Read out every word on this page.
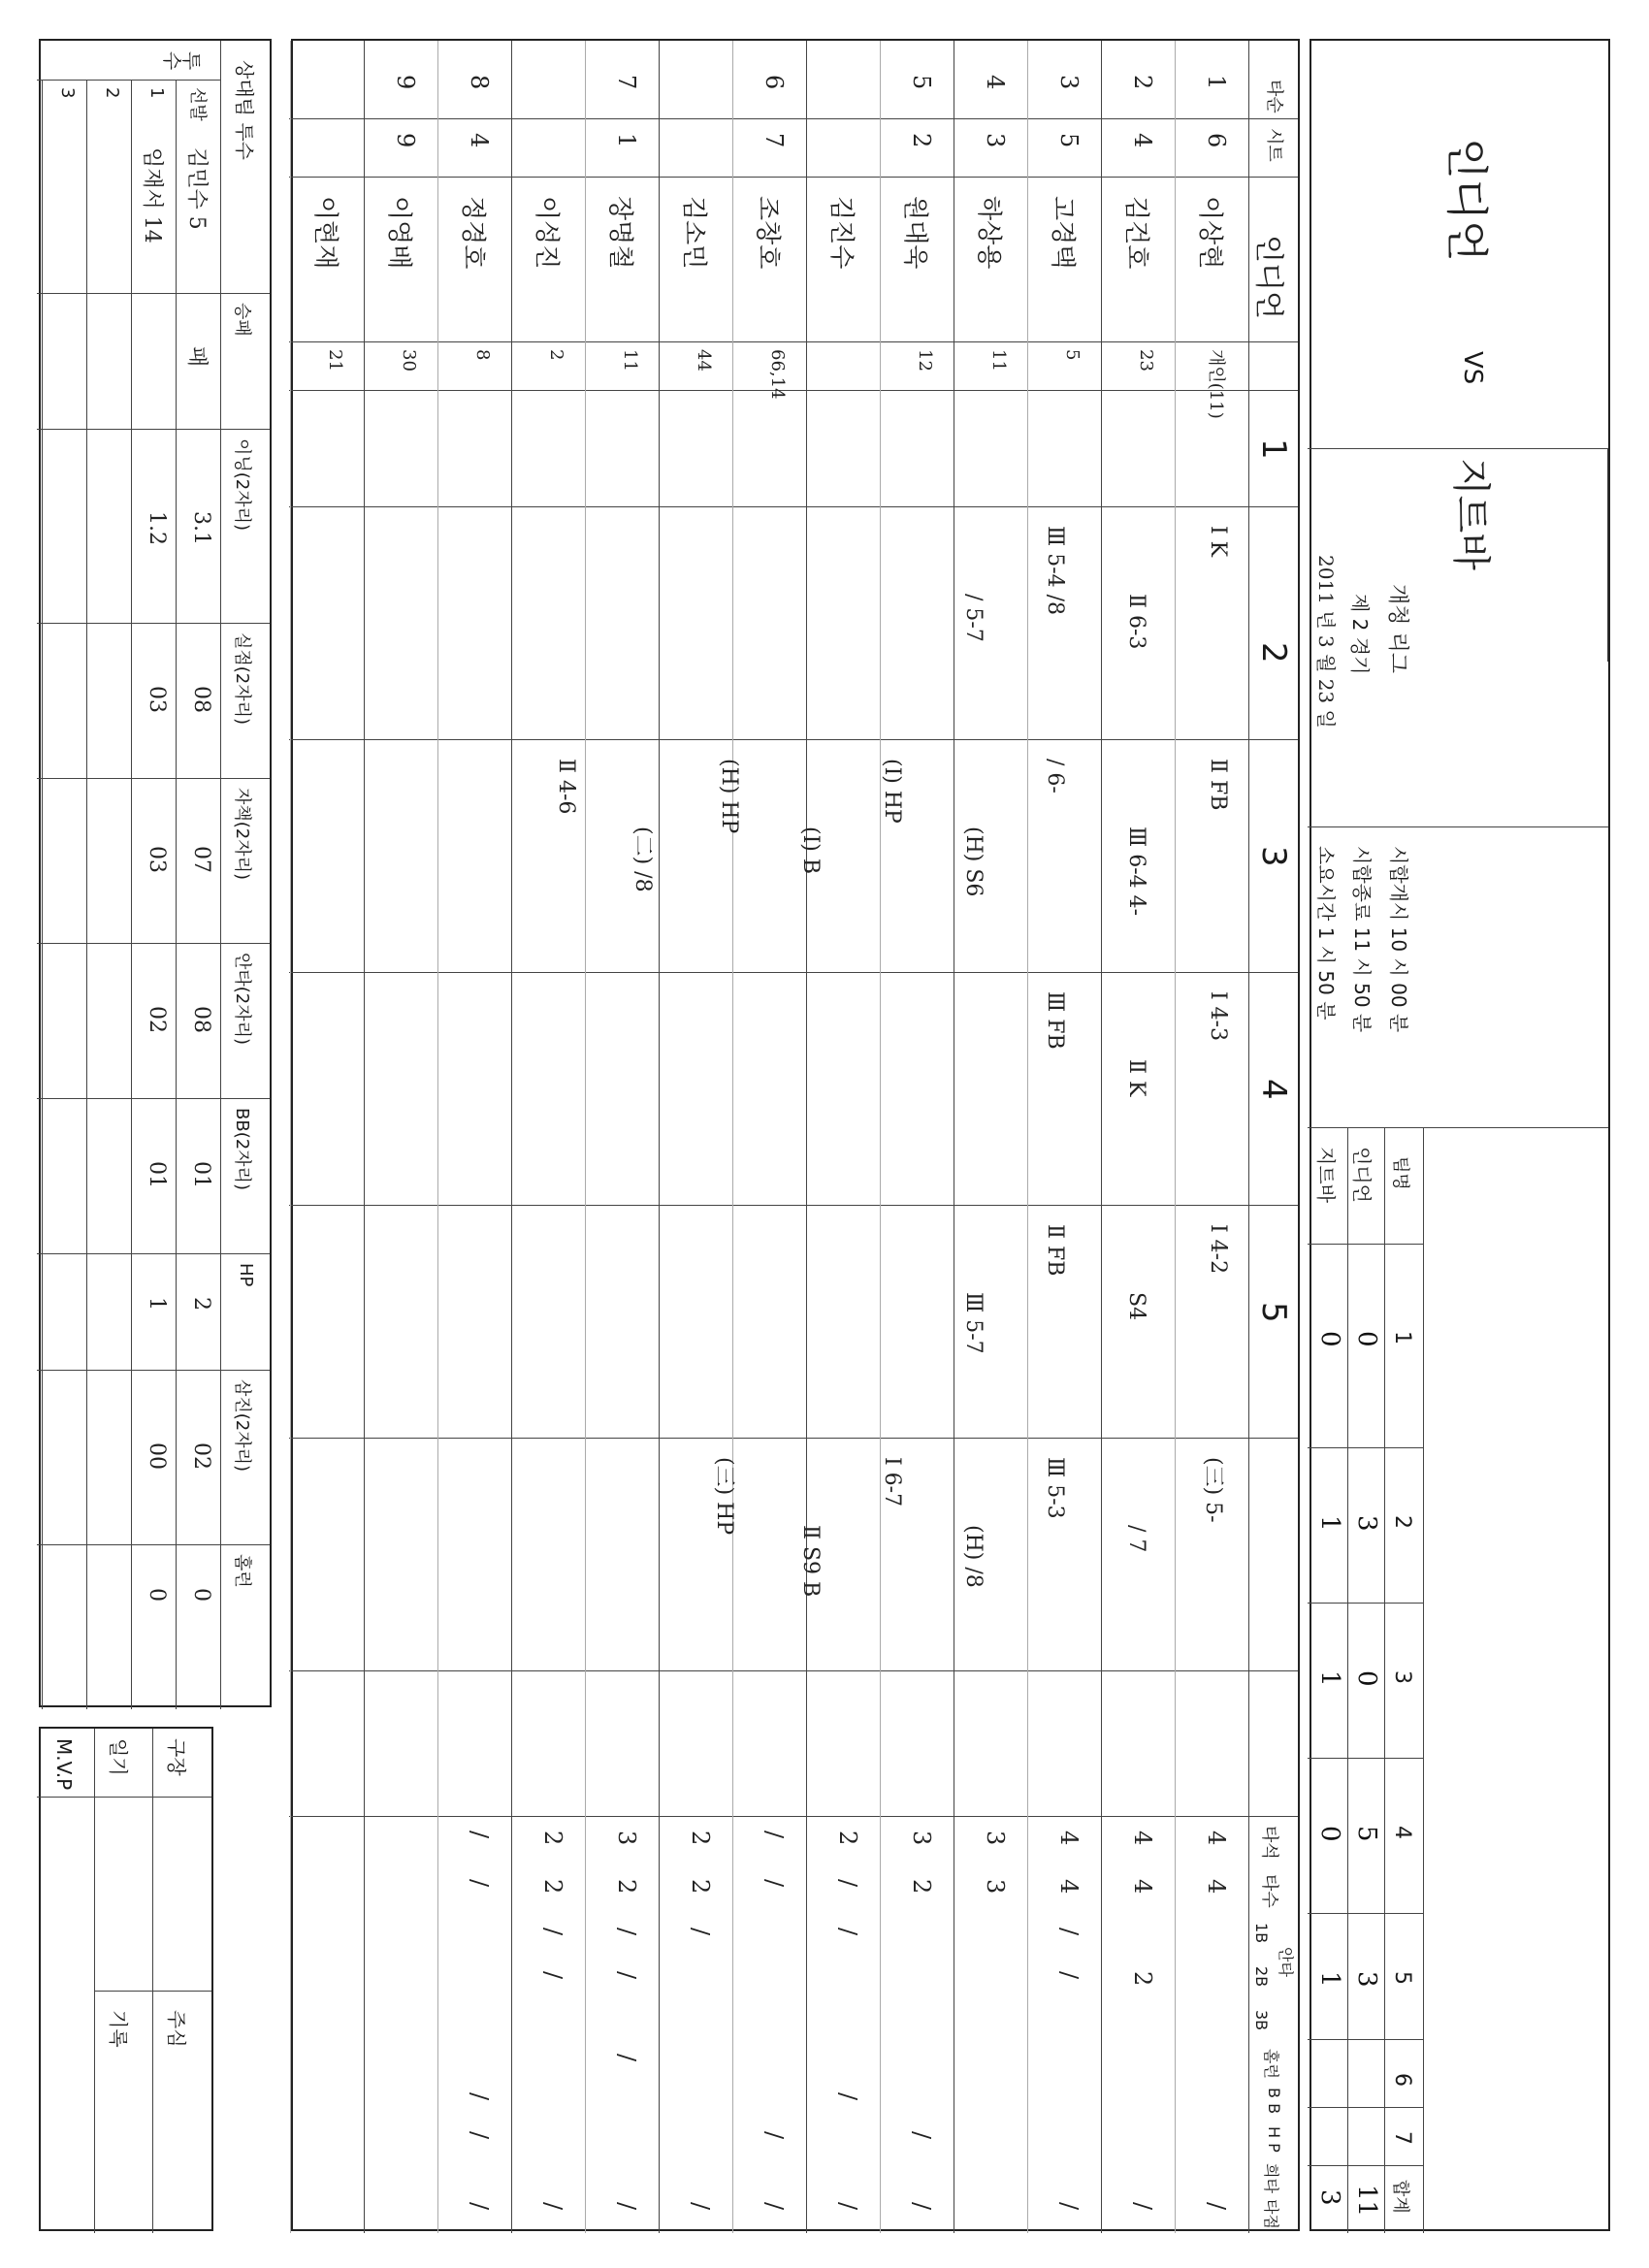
인디언
VS
지트바
개청 리그
제 2 경기
2011 년 3 월 23 일
시합개시 10 시 00 분
시합종료 11 시 50 분
소요시간 1 시 50 분
팀명
인디언
지트바
1
0
0
2
3
1
3
0
1
4
5
0
5
3
1
6
7
합계
11
3
타순
시트
인디언
1
2
3
4
5
타석
타수
안타
1B
2B
3B
홈런
B B
H P
희타
타점
1
6
이상현
개인(11)
4
4
/
2
4
김건호
23
4
4
2
/
3
5
고경택
5
4
4
/
/
/
4
3
하상용
11
3
3
5
2
원대욱
12
3
2
/
/
김진수
2
/
/
/
/
6
7
조창호
66,14
/
/
/
/
김소민
44
2
2
/
/
7
1
장명철
11
3
2
/
/
/
/
이성진
2
2
2
/
/
/
8
4
정경호
8
/
/
/
/
/
9
9
이영배
30
이현재
21
Ⅰ K
Ⅱ 6-3
Ⅲ 5-4 /8
/ 5-7
Ⅱ FB
Ⅲ 6-4 4-
/ 6-
(H) S6
(I) HP
(I) B
(H) HP
(二) /8
Ⅱ 4-6
Ⅰ 4-3
Ⅱ K
Ⅲ FB
Ⅰ 4-2
S4
Ⅱ FB
Ⅲ 5-7
(三) 5-
/ 7
Ⅲ 5-3
(H) /8
Ⅰ 6-7
Ⅱ S9 B
(三) HP
상대팀 투수
투수
승패
패
이닝(2자리)
3.1
1.2
실점(2자리)
08
03
자책(2자리)
07
03
안타(2자리)
08
02
BB(2자리)
01
01
HP
2
1
삼진(2자리)
02
00
홈런
0
0
선발
김민수 5
1
임재서 14
2
3
구장
주심
일기
기록
M.V.P
